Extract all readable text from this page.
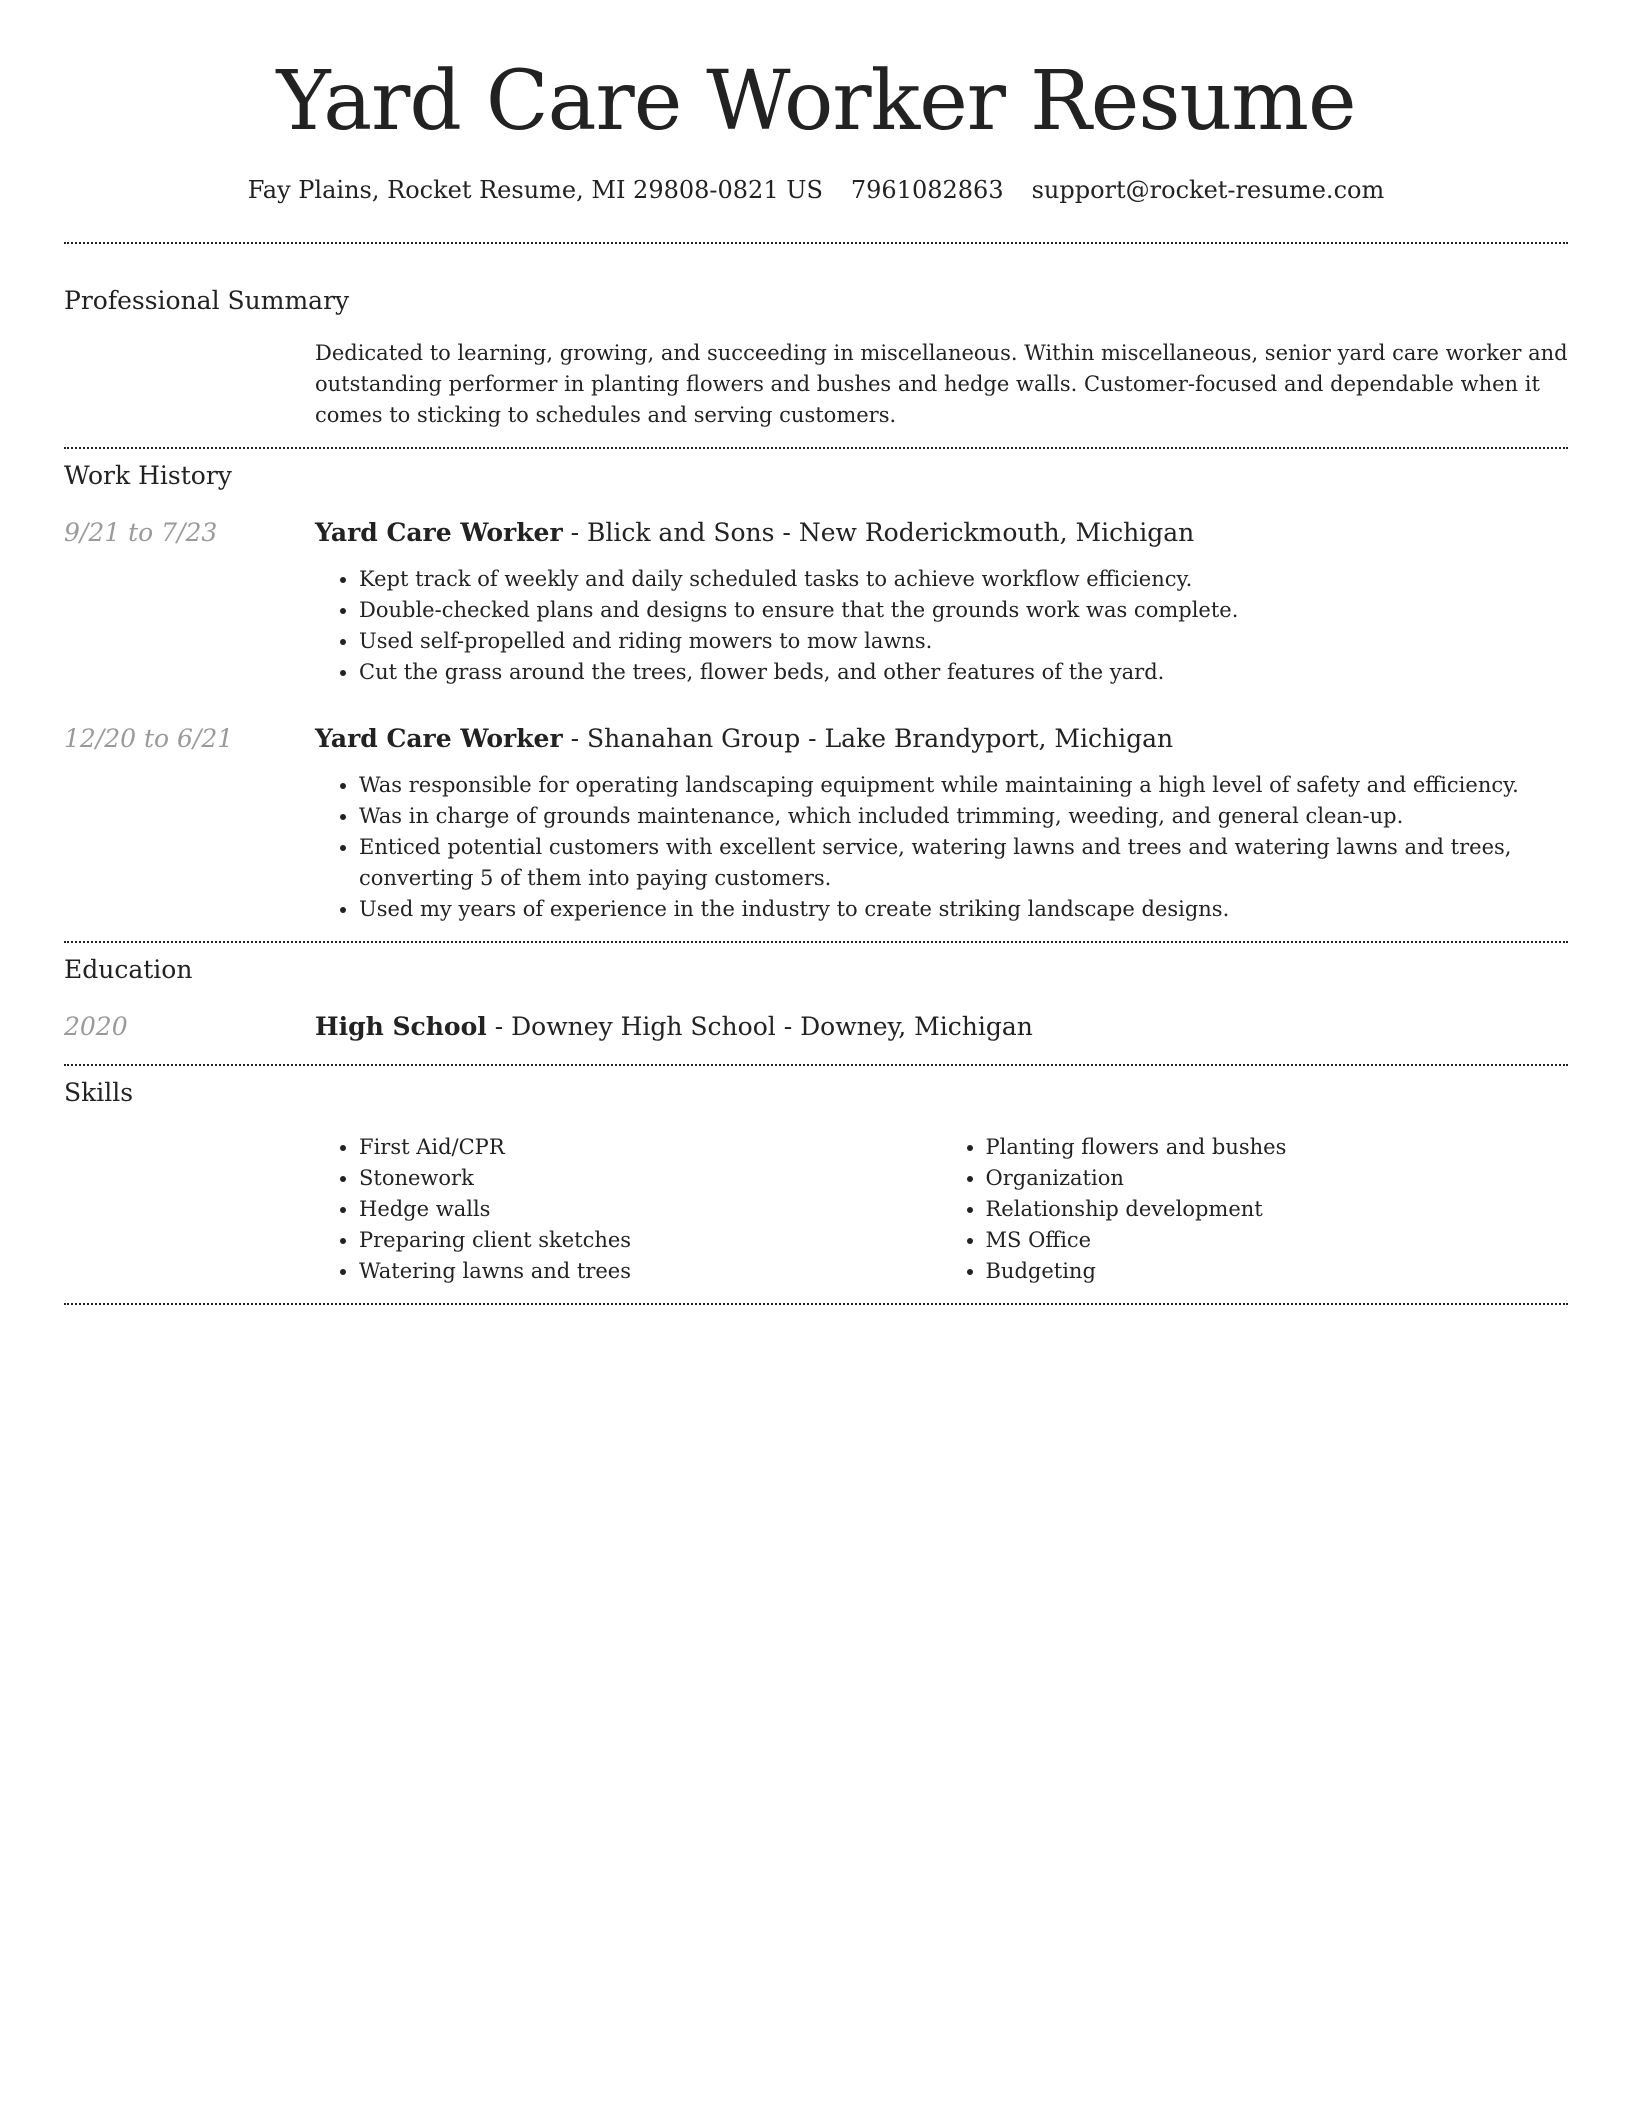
Yard Care Worker Resume
Fay Plains, Rocket Resume, MI 29808-0821 US 7961082863 support@rocket-resume.com
Professional Summary
Dedicated to learning, growing, and succeeding in miscellaneous. Within miscellaneous, senior yard care worker and outstanding performer in planting flowers and bushes and hedge walls. Customer-focused and dependable when it comes to sticking to schedules and serving customers.
Work History
9/21 to 7/23	Yard Care Worker - Blick and Sons - New Roderickmouth, Michigan
• Kept track of weekly and daily scheduled tasks to achieve workflow efficiency.
• Double-checked plans and designs to ensure that the grounds work was complete.
• Used self-propelled and riding mowers to mow lawns.
• Cut the grass around the trees, flower beds, and other features of the yard.
12/20 to 6/21	Yard Care Worker - Shanahan Group - Lake Brandyport, Michigan
• Was responsible for operating landscaping equipment while maintaining a high level of safety and efficiency.
• Was in charge of grounds maintenance, which included trimming, weeding, and general clean-up.
• Enticed potential customers with excellent service, watering lawns and trees and watering lawns and trees, converting 5 of them into paying customers.
• Used my years of experience in the industry to create striking landscape designs.
Education
2020	High School - Downey High School - Downey, Michigan
Skills
• First Aid/CPR
• Stonework
• Hedge walls
• Preparing client sketches
• Watering lawns and trees
• Planting flowers and bushes
• Organization
• Relationship development
• MS Office
• Budgeting
